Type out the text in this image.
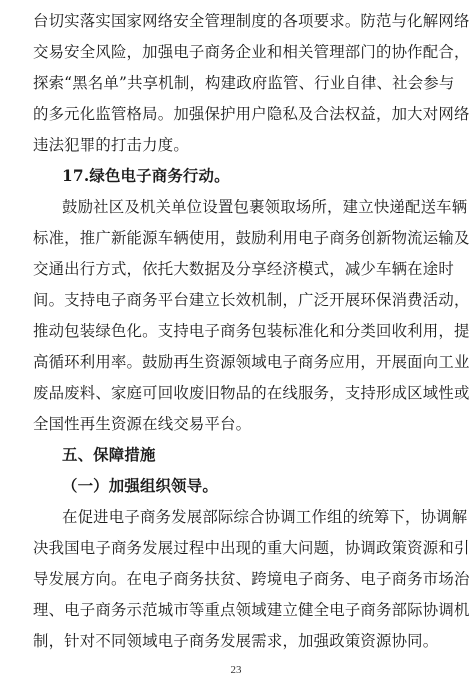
台切实落实国家网络安全管理制度的各项要求。防范与化解网络
交易安全风险，加强电子商务企业和相关管理部门的协作配合，
探索“黑名单”共享机制，构建政府监管、行业自律、社会参与
的多元化监管格局。加强保护用户隐私及合法权益，加大对网络
违法犯罪的打击力度。
17.绿色电子商务行动。
鼓励社区及机关单位设置包裹领取场所，建立快递配送车辆
标准，推广新能源车辆使用，鼓励利用电子商务创新物流运输及
交通出行方式，依托大数据及分享经济模式，减少车辆在途时
间。支持电子商务平台建立长效机制，广泛开展环保消费活动，
推动包装绿色化。支持电子商务包装标准化和分类回收利用，提
高循环利用率。鼓励再生资源领域电子商务应用，开展面向工业
废品废料、家庭可回收废旧物品的在线服务，支持形成区域性或
全国性再生资源在线交易平台。
五、保障措施
（一）加强组织领导。
在促进电子商务发展部际综合协调工作组的统筹下，协调解
决我国电子商务发展过程中出现的重大问题，协调政策资源和引
导发展方向。在电子商务扶贫、跨境电子商务、电子商务市场治
理、电子商务示范城市等重点领域建立健全电子商务部际协调机
制，针对不同领域电子商务发展需求，加强政策资源协同。
23
